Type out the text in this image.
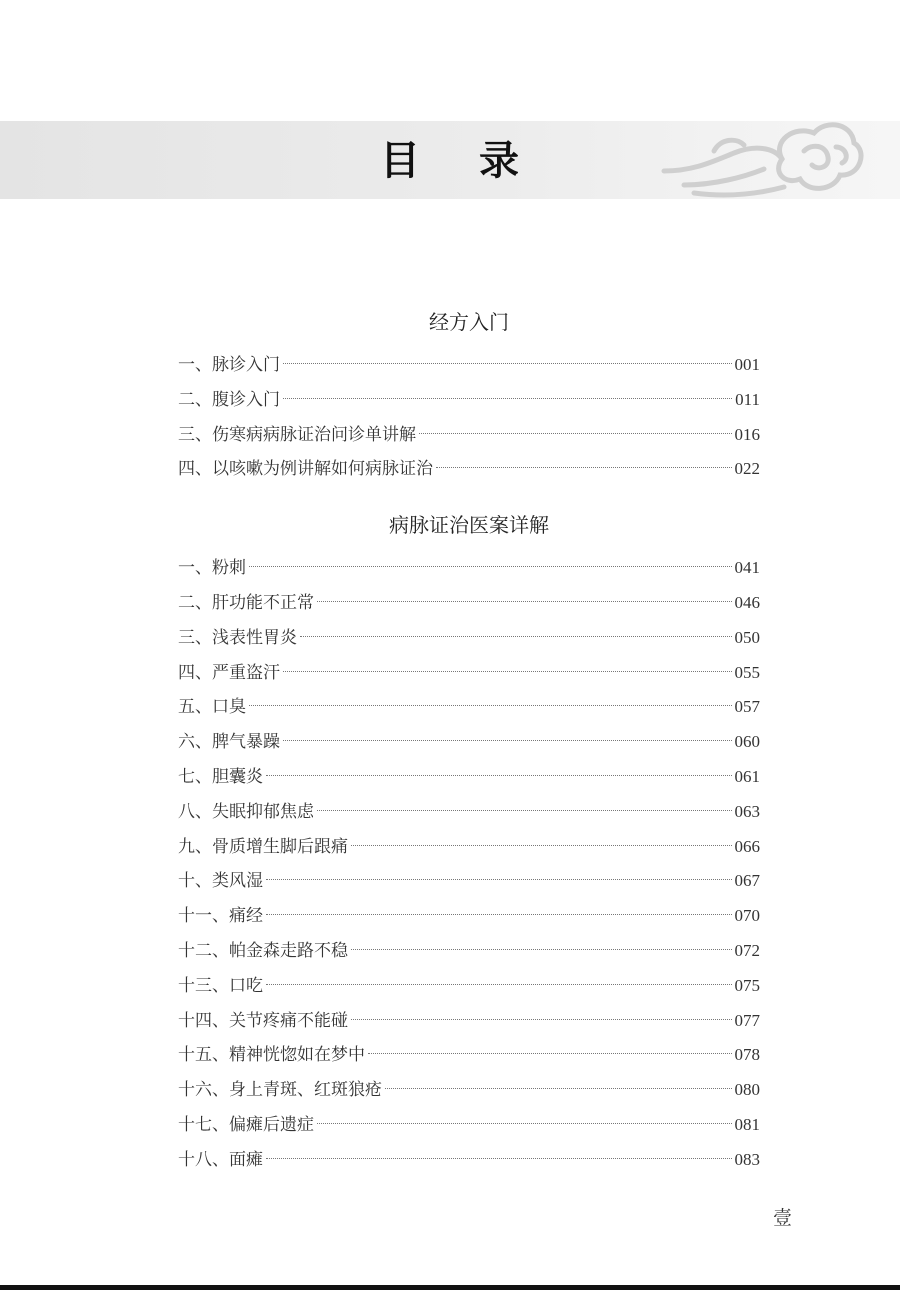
目 录
经方入门
一、脉诊入门	001
二、腹诊入门	011
三、伤寒病病脉证治问诊单讲解	016
四、以咳嗽为例讲解如何病脉证治	022
病脉证治医案详解
一、粉刺	041
二、肝功能不正常	046
三、浅表性胃炎	050
四、严重盗汗	055
五、口臭	057
六、脾气暴躁	060
七、胆囊炎	061
八、失眠抑郁焦虑	063
九、骨质增生脚后跟痛	066
十、类风湿	067
十一、痛经	070
十二、帕金森走路不稳	072
十三、口吃	075
十四、关节疼痛不能碰	077
十五、精神恍惚如在梦中	078
十六、身上青斑、红斑狼疮	080
十七、偏瘫后遗症	081
十八、面瘫	083
壹
